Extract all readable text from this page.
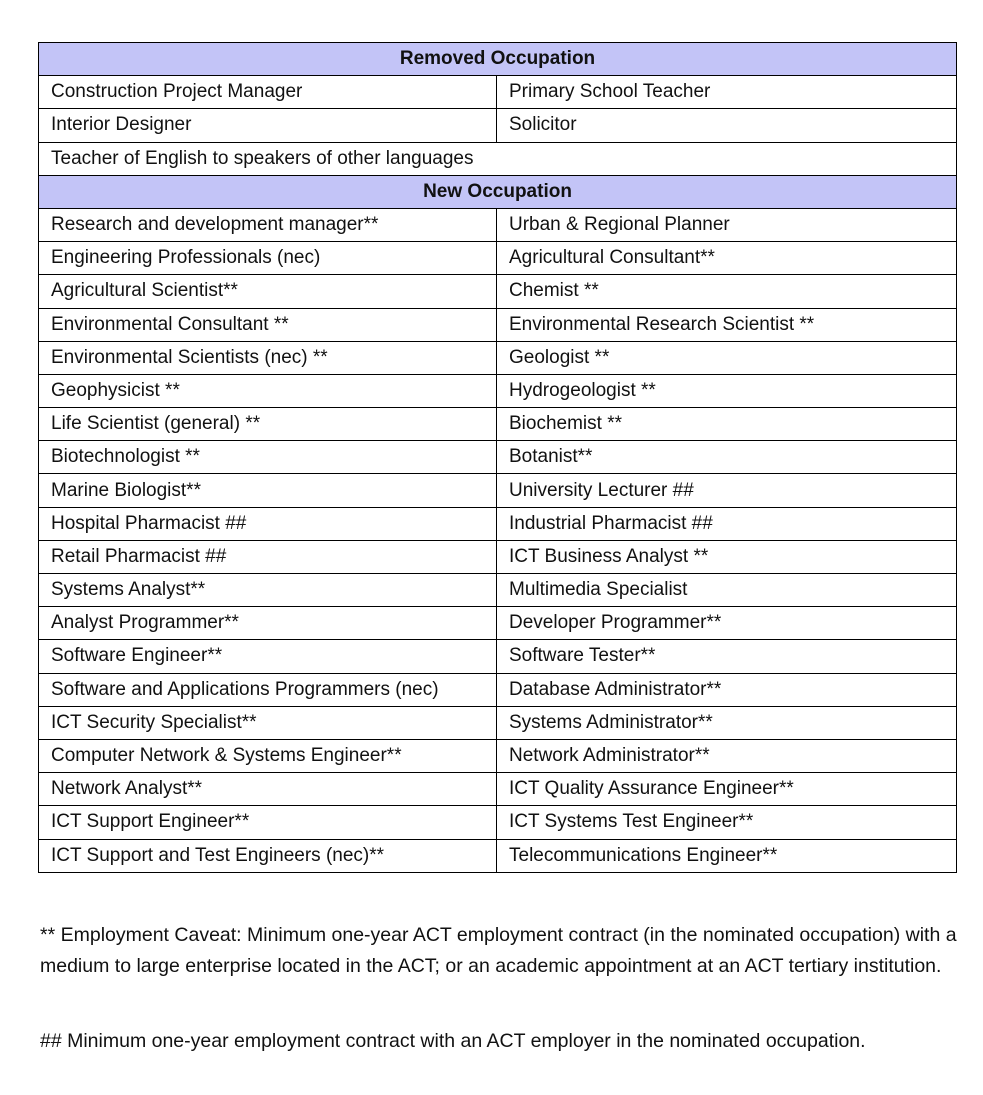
Removed Occupation	
Construction Project Manager	Primary School Teacher
Interior Designer	Solicitor
Teacher of English to speakers of other languages	
New Occupation	
Research and development manager**	Urban & Regional Planner
Engineering Professionals (nec)	Agricultural Consultant**
Agricultural Scientist**	Chemist **
Environmental Consultant **	Environmental Research Scientist **
Environmental Scientists (nec) **	Geologist **
Geophysicist **	Hydrogeologist **
Life Scientist (general) **	Biochemist **
Biotechnologist **	Botanist**
Marine Biologist**	University Lecturer ##
Hospital Pharmacist ##	Industrial Pharmacist ##
Retail Pharmacist ##	ICT Business Analyst **
Systems Analyst**	Multimedia Specialist
Analyst Programmer**	Developer Programmer**
Software Engineer**	Software Tester**
Software and Applications Programmers (nec)	Database Administrator**
ICT Security Specialist**	Systems Administrator**
Computer Network & Systems Engineer**	Network Administrator**
Network Analyst**	ICT Quality Assurance Engineer**
ICT Support Engineer**	ICT Systems Test Engineer**
ICT Support and Test Engineers (nec)**	Telecommunications Engineer**
** Employment Caveat: Minimum one-year ACT employment contract (in the nominated occupation) with a medium to large enterprise located in the ACT; or an academic appointment at an ACT tertiary institution.
## Minimum one-year employment contract with an ACT employer in the nominated occupation.
